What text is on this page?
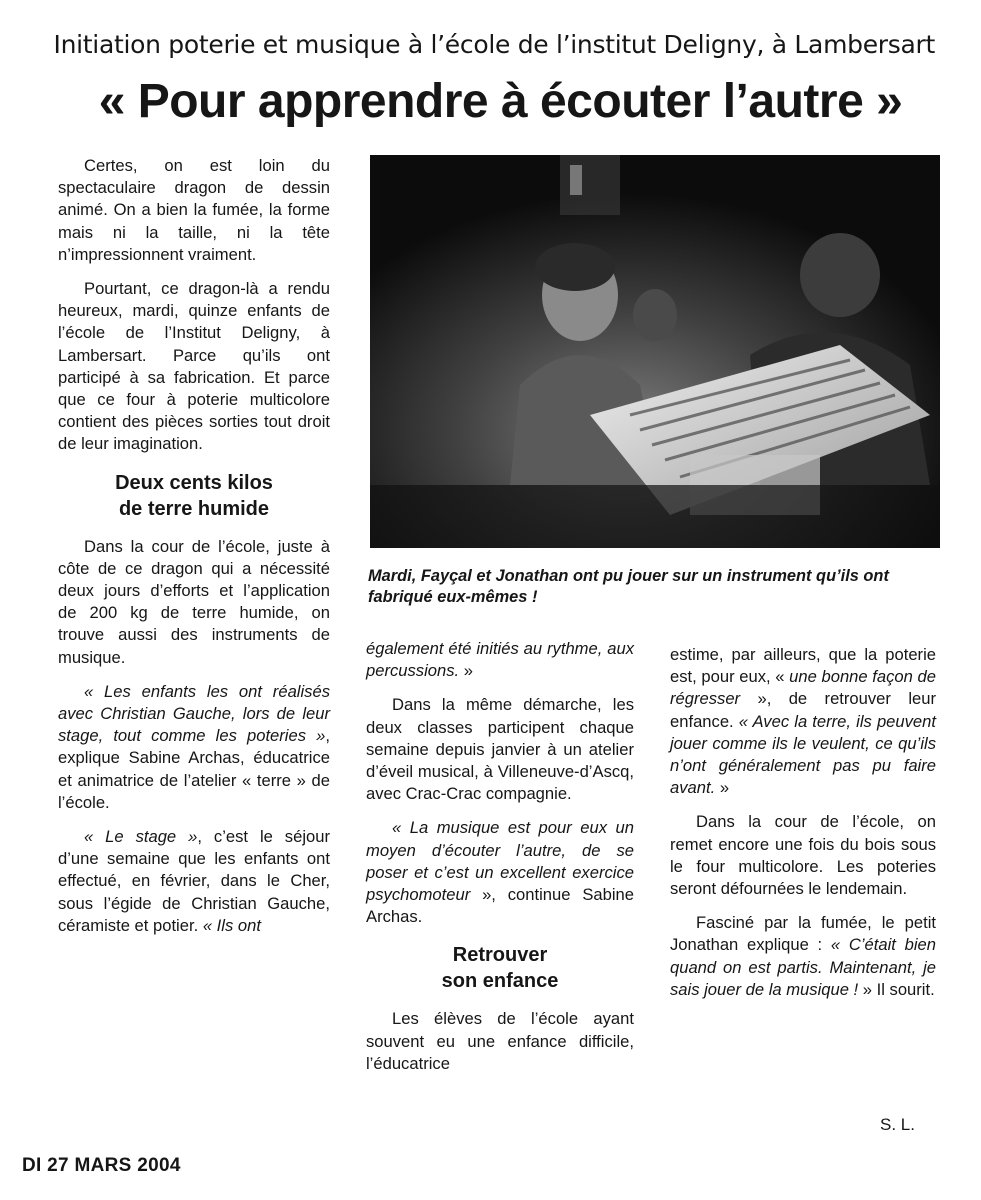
Initiation poterie et musique à l’école de l’institut Deligny, à Lambersart
« Pour apprendre à écouter l’autre »

Certes, on est loin du spectaculaire dragon de dessin animé. On a bien la fumée, la forme mais ni la taille, ni la tête n’impressionnent vraiment.

Pourtant, ce dragon-là a rendu heureux, mardi, quinze enfants de l’école de l’Institut Deligny, à Lambersart. Parce qu’ils ont participé à sa fabrication. Et parce que ce four à poterie multicolore contient des pièces sorties tout droit de leur imagination.

Deux cents kilos
de terre humide

Dans la cour de l’école, juste à côte de ce dragon qui a nécessité deux jours d’efforts et l’application de 200 kg de terre humide, on trouve aussi des instruments de musique.

« Les enfants les ont réalisés avec Christian Gauche, lors de leur stage, tout comme les poteries », explique Sabine Archas, éducatrice et animatrice de l’atelier « terre » de l’école.

« Le stage », c’est le séjour d’une semaine que les enfants ont effectué, en février, dans le Cher, sous l’égide de Christian Gauche, céramiste et potier. « Ils ont

Mardi, Fayçal et Jonathan ont pu jouer sur un instrument qu’ils ont fabriqué eux-mêmes !

également été initiés au rythme, aux percussions. »

Dans la même démarche, les deux classes participent chaque semaine depuis janvier à un atelier d’éveil musical, à Villeneuve-d’Ascq, avec Crac-Crac compagnie.

« La musique est pour eux un moyen d’écouter l’autre, de se poser et c’est un excellent exercice psychomoteur », continue Sabine Archas.

Retrouver
son enfance

Les élèves de l’école ayant souvent eu une enfance difficile, l’éducatrice

estime, par ailleurs, que la poterie est, pour eux, « une bonne façon de régresser », de retrouver leur enfance. « Avec la terre, ils peuvent jouer comme ils le veulent, ce qu’ils n’ont généralement pas pu faire avant. »

Dans la cour de l’école, on remet encore une fois du bois sous le four multicolore. Les poteries seront défournées le lendemain.

Fasciné par la fumée, le petit Jonathan explique : « C’était bien quand on est partis. Maintenant, je sais jouer de la musique ! » Il sourit.

S. L.
DI 27 MARS 2004
